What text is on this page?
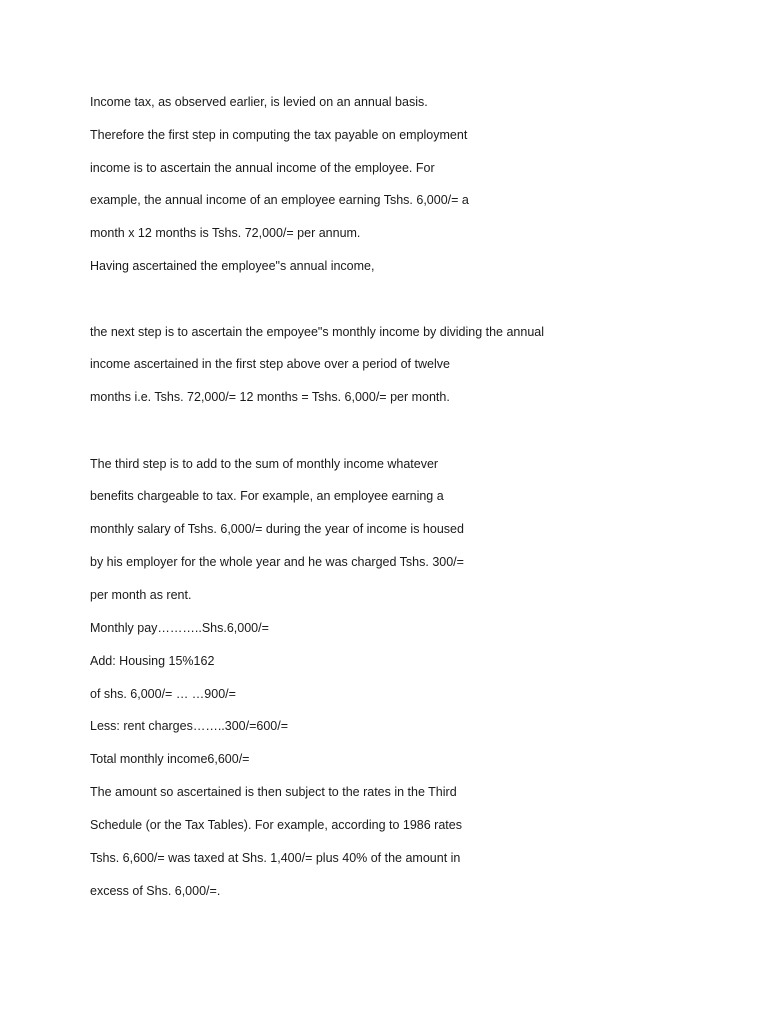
Income tax, as observed earlier, is levied on an annual basis.

Therefore the first step in computing the tax payable on employment

income is to ascertain the annual income of the employee. For

example, the annual income of an employee earning Tshs. 6,000/= a

month x 12 months is Tshs. 72,000/= per annum.

Having ascertained the employee"s annual income,

the next step is to ascertain the empoyee"s monthly income by dividing the annual

income ascertained in the first step above over a period of twelve

months i.e. Tshs. 72,000/= 12 months = Tshs. 6,000/= per month.

The third step is to add to the sum of monthly income whatever

benefits chargeable to tax. For example, an employee earning a

monthly salary of Tshs. 6,000/= during the year of income is housed

by his employer for the whole year and he was charged Tshs. 300/=

per month as rent.

Monthly pay………..Shs.6,000/=

Add: Housing 15%162

of shs. 6,000/= … …900/=

Less: rent charges……..300/=600/=

Total monthly income6,600/=

The amount so ascertained is then subject to the rates in the Third

Schedule (or the Tax Tables). For example, according to 1986 rates

Tshs. 6,600/= was taxed at Shs. 1,400/= plus 40% of the amount in

excess of Shs. 6,000/=.
